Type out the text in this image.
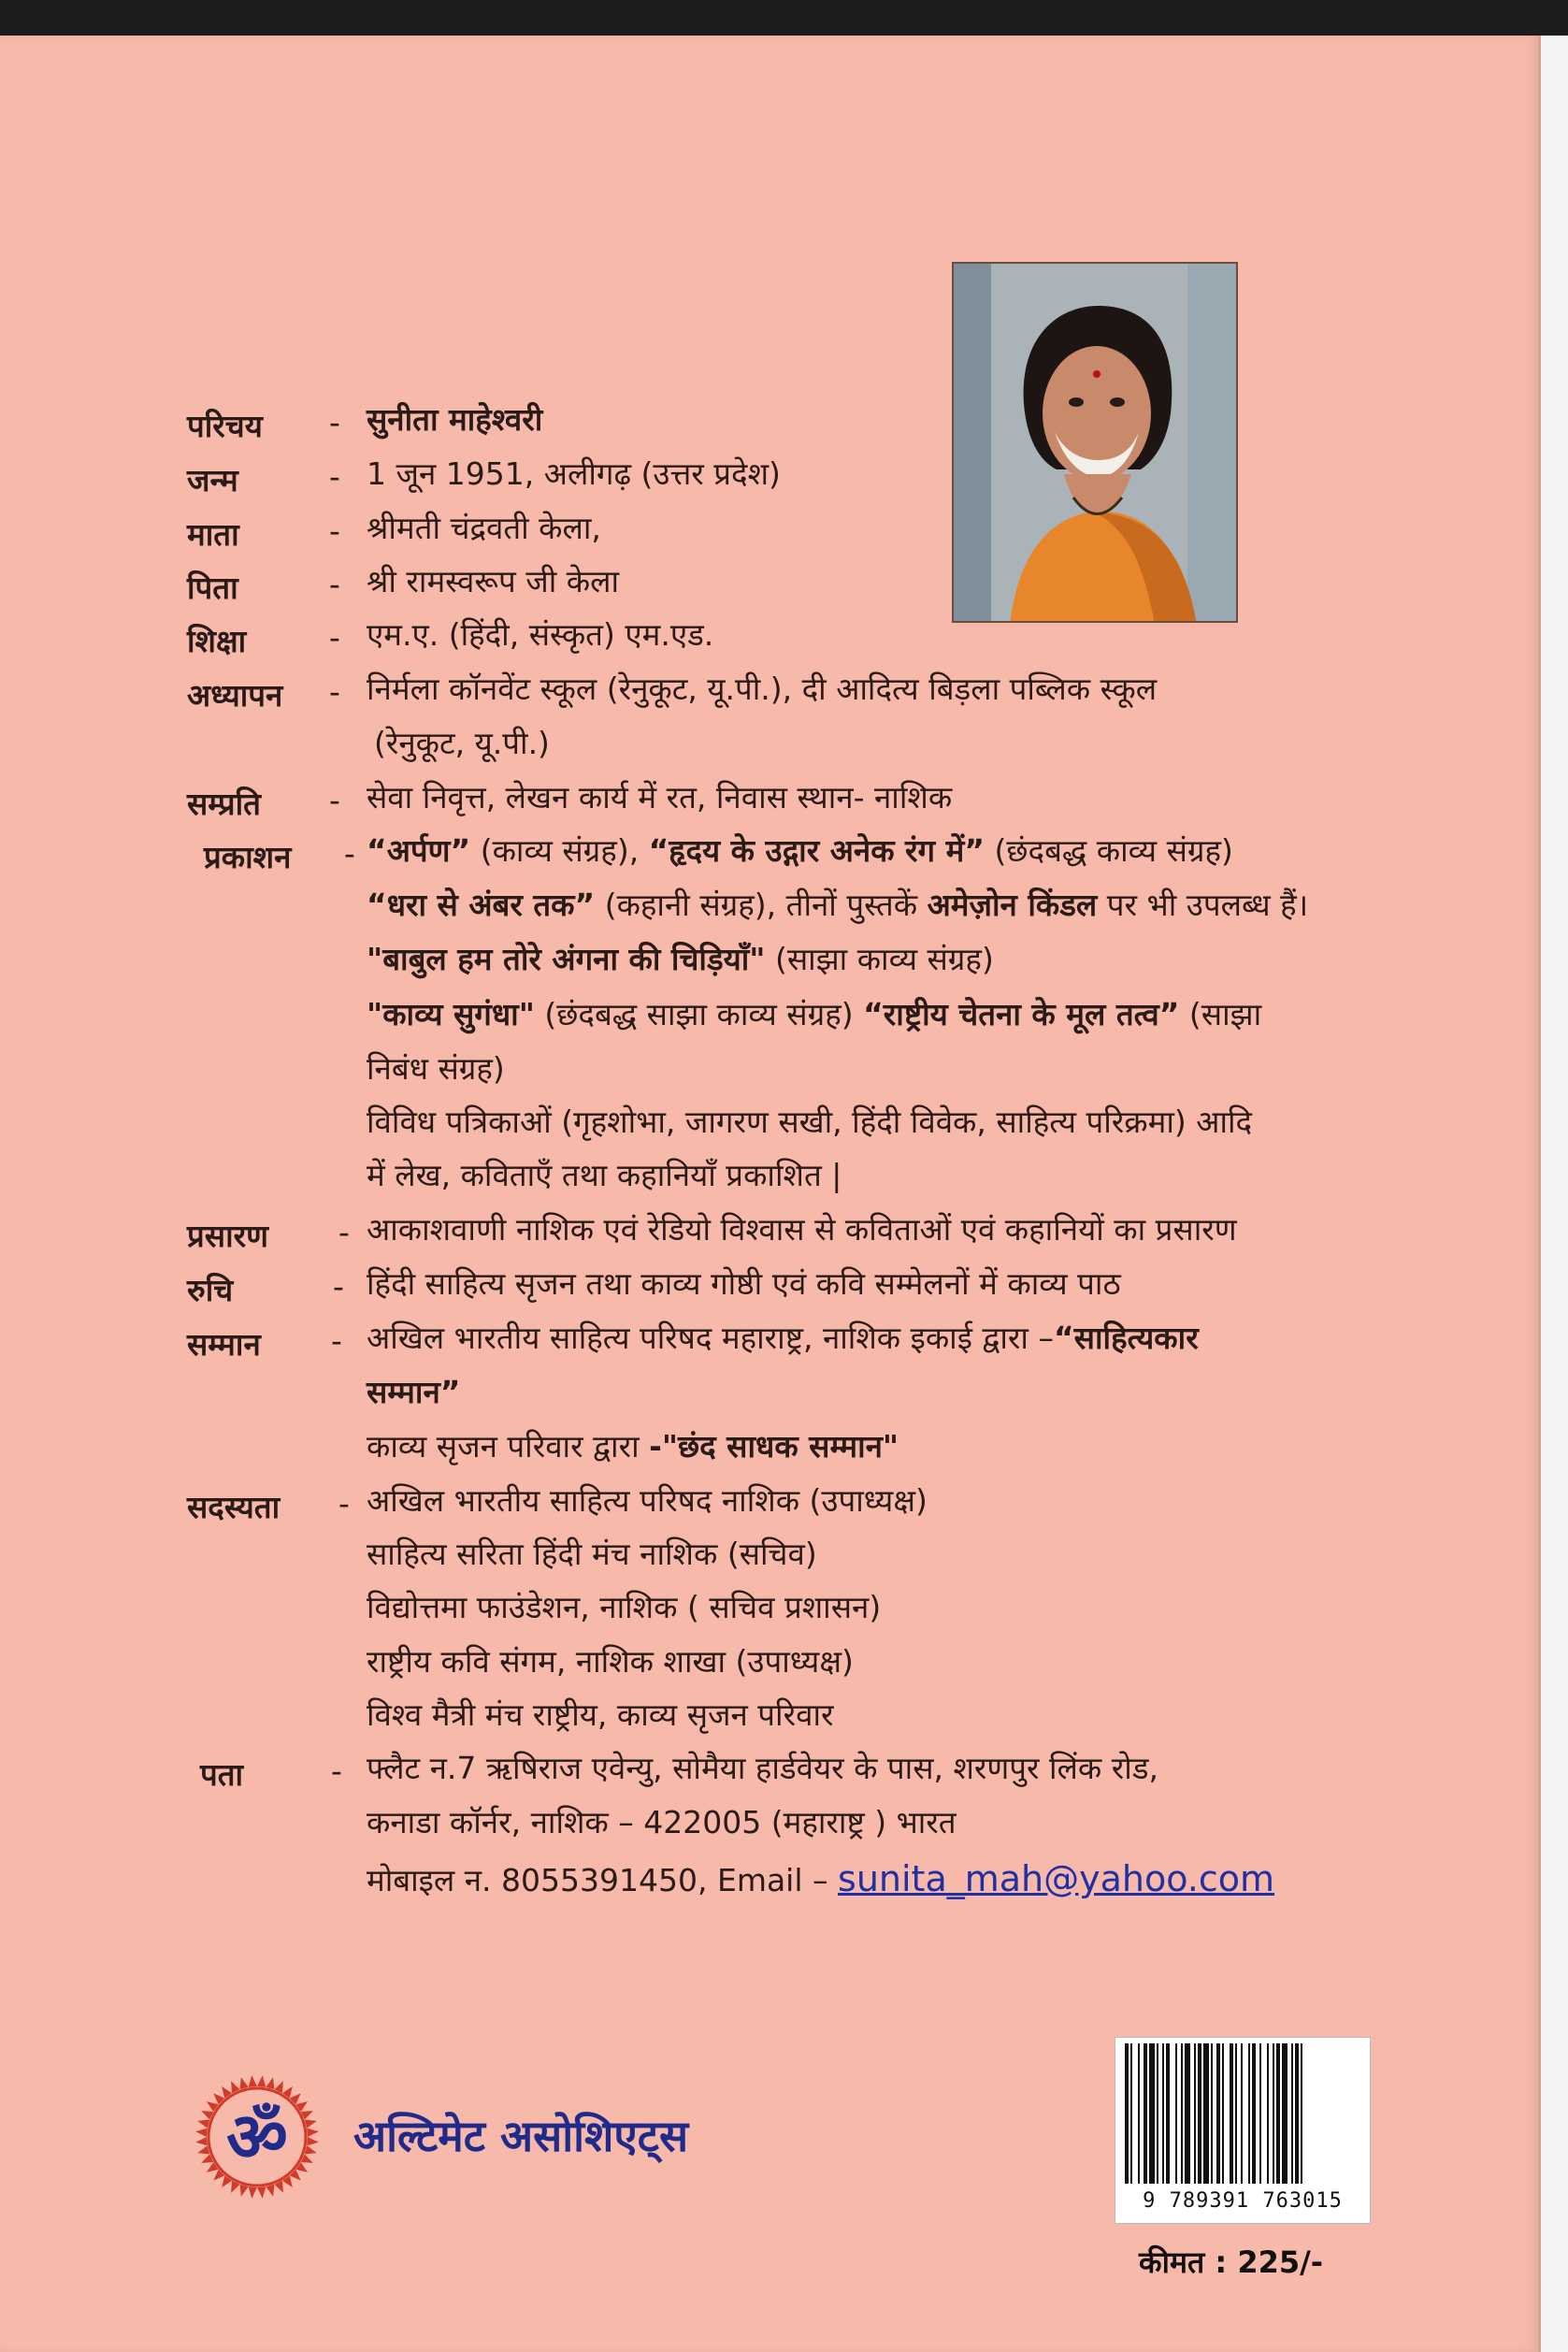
परिचय - सुनीता माहेश्वरी
जन्म	- 1 जून 1951, अलीगढ़ (उत्तर प्रदेश)
माता	- श्रीमती चंद्रवती केला,
पिता	- श्री रामस्वरूप जी केला
शिक्षा	- एम.ए. (हिंदी, संस्कृत) एम.एड.
अध्यापन - निर्मला कॉनवेंट स्कूल (रेनुकूट, यू.पी.), दी आदित्य बिड़ला पब्लिक स्कूल
(रेनुकूट, यू.पी.)
सम्प्रति - सेवा निवृत्त, लेखन कार्य में रत, निवास स्थान- नाशिक
प्रकाशन - “अर्पण” (काव्य संग्रह), “हृदय के उद्गार अनेक रंग में” (छंदबद्ध काव्य संग्रह)
“धरा से अंबर तक” (कहानी संग्रह), तीनों पुस्तकें अमेज़ोन किंडल पर भी उपलब्ध हैं।
"बाबुल हम तोरे अंगना की चिड़ियाँ" (साझा काव्य संग्रह)
"काव्य सुगंधा" (छंदबद्ध साझा काव्य संग्रह) “राष्ट्रीय चेतना के मूल तत्व” (साझा
निबंध संग्रह)
विविध पत्रिकाओं (गृहशोभा, जागरण सखी, हिंदी विवेक, साहित्य परिक्रमा) आदि
में लेख, कविताएँ तथा कहानियाँ प्रकाशित |
प्रसारण - आकाशवाणी नाशिक एवं रेडियो विश्वास से कविताओं एवं कहानियों का प्रसारण
रुचि	- हिंदी साहित्य सृजन तथा काव्य गोष्ठी एवं कवि सम्मेलनों में काव्य पाठ
सम्मान - अखिल भारतीय साहित्य परिषद महाराष्ट्र, नाशिक इकाई द्वारा –“साहित्यकार
सम्मान”
काव्य सृजन परिवार द्वारा -"छंद साधक सम्मान"
सदस्यता - अखिल भारतीय साहित्य परिषद नाशिक (उपाध्यक्ष)
साहित्य सरिता हिंदी मंच नाशिक (सचिव)
विद्योत्तमा फाउंडेशन, नाशिक ( सचिव प्रशासन)
राष्ट्रीय कवि संगम, नाशिक शाखा (उपाध्यक्ष)
विश्व मैत्री मंच राष्ट्रीय, काव्य सृजन परिवार
पता	- फ्लैट न.7 ऋषिराज एवेन्यु, सोमैया हार्डवेयर के पास, शरणपुर लिंक रोड,
कनाडा कॉर्नर, नाशिक – 422005 (महाराष्ट्र ) भारत
मोबाइल न. 8055391450, Email – sunita_mah@yahoo.com
ॐ अल्टिमेट असोशिएट्स
9 789391 763015
कीमत : 225/-
